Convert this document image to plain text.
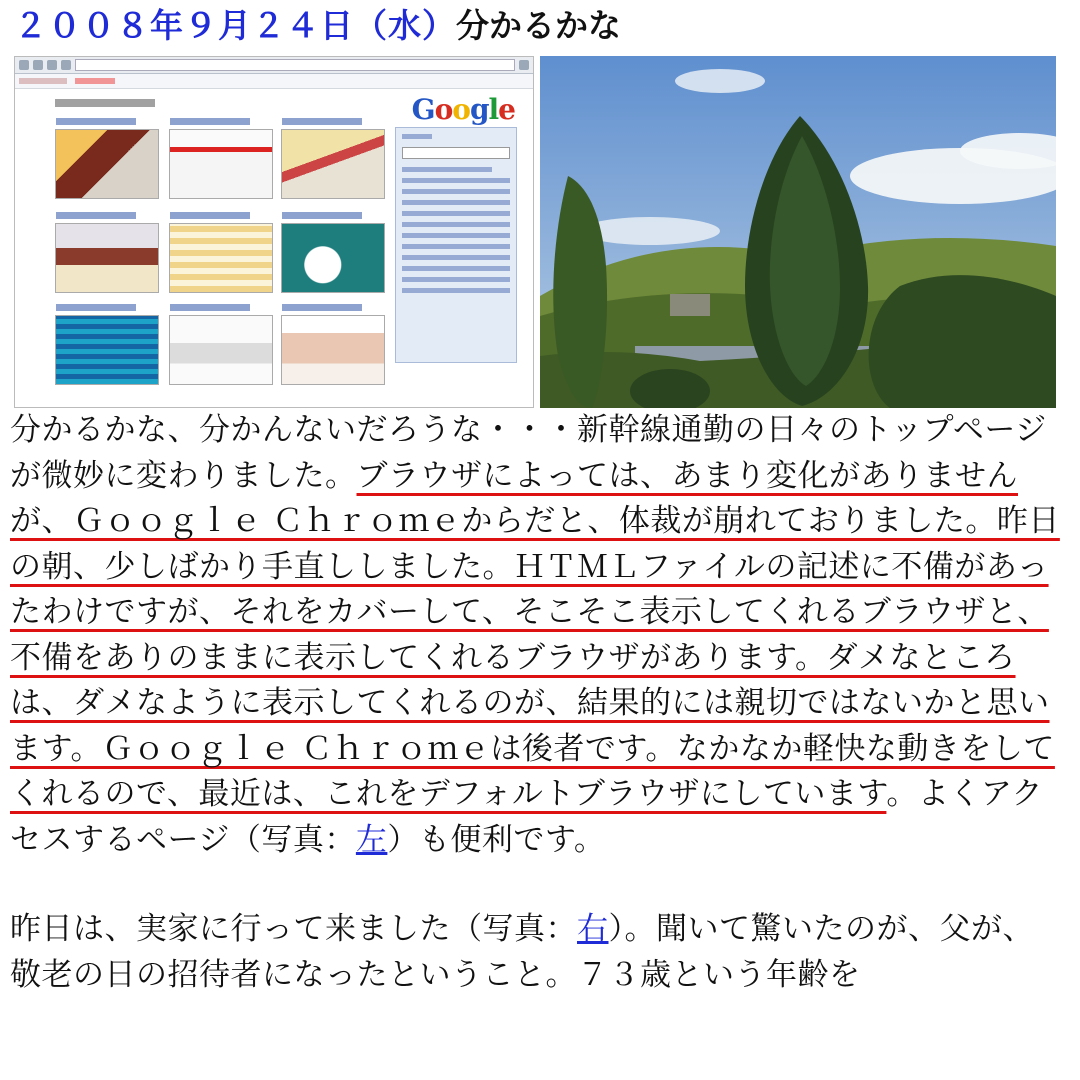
２００８年９月２４日（水）分かるかな
Google

分かるかな、分かんないだろうな・・・新幹線通勤の日々のトップページが微妙に変わりました。ブラウザによっては、あまり変化がありませんが、Ｇｏｏｇｌｅ Ｃｈｒｏｍｅからだと、体裁が崩れておりました。昨日の朝、少しばかり手直ししました。ＨＴＭＬファイルの記述に不備があったわけですが、それをカバーして、そこそこ表示してくれるブラウザと、不備をありのままに表示してくれるブラウザがあります。ダメなところは、ダメなように表示してくれるのが、結果的には親切ではないかと思います。Ｇｏｏｇｌｅ Ｃｈｒｏｍｅは後者です。なかなか軽快な動きをしてくれるので、最近は、これをデフォルトブラウザにしています。よくアクセスするページ（写真：左）も便利です。

昨日は、実家に行って来ました（写真：右）。聞いて驚いたのが、父が、敬老の日の招待者になったということ。７３歳という年齢を
